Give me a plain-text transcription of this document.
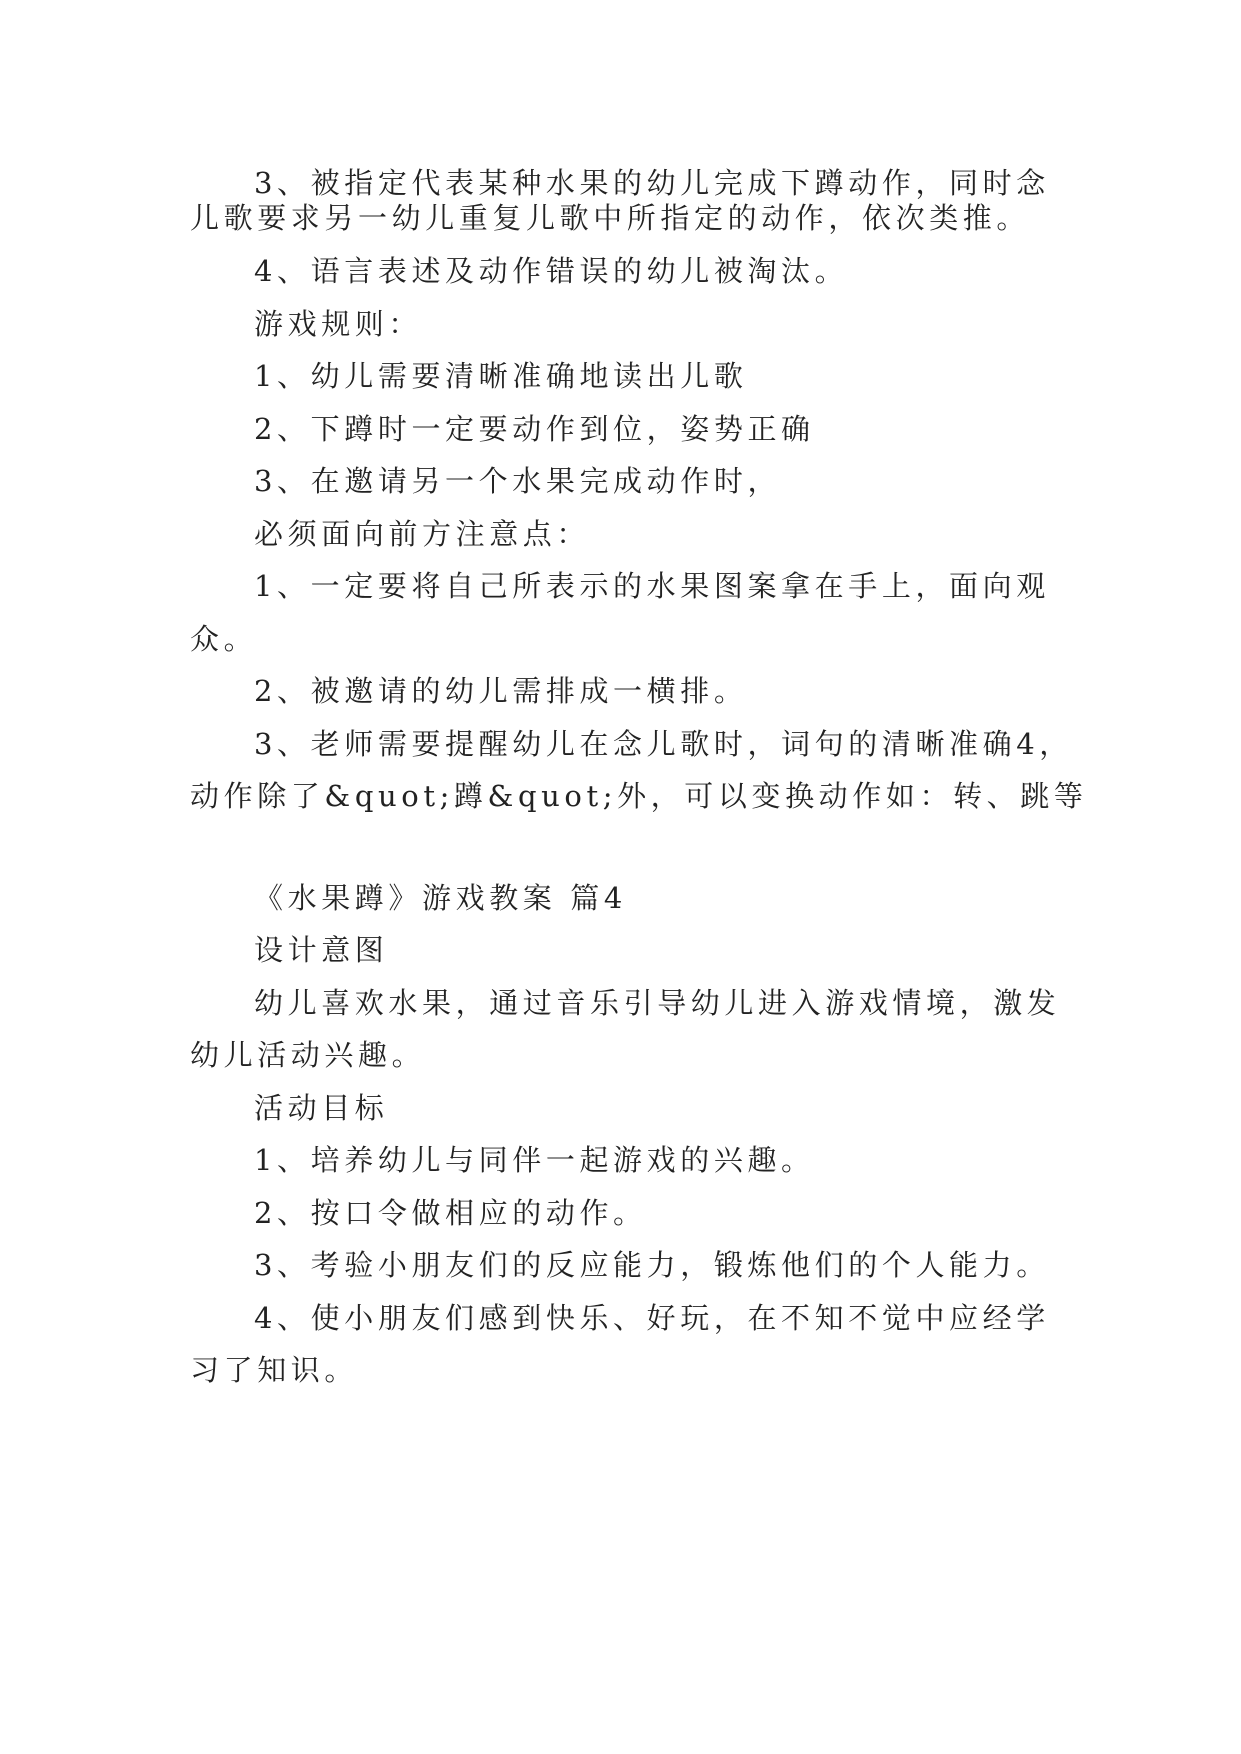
3、被指定代表某种水果的幼儿完成下蹲动作，同时念
儿歌要求另一幼儿重复儿歌中所指定的动作，依次类推。
4、语言表述及动作错误的幼儿被淘汰。
游戏规则：
1、幼儿需要清晰准确地读出儿歌
2、下蹲时一定要动作到位，姿势正确
3、在邀请另一个水果完成动作时，
必须面向前方注意点：
1、一定要将自己所表示的水果图案拿在手上，面向观
众。
2、被邀请的幼儿需排成一横排。
3、老师需要提醒幼儿在念儿歌时，词句的清晰准确4，
动作除了&quot;蹲&quot;外，可以变换动作如：转、跳等
《水果蹲》游戏教案 篇4
设计意图
幼儿喜欢水果，通过音乐引导幼儿进入游戏情境，激发
幼儿活动兴趣。
活动目标
1、培养幼儿与同伴一起游戏的兴趣。
2、按口令做相应的动作。
3、考验小朋友们的反应能力，锻炼他们的个人能力。
4、使小朋友们感到快乐、好玩，在不知不觉中应经学
习了知识。
